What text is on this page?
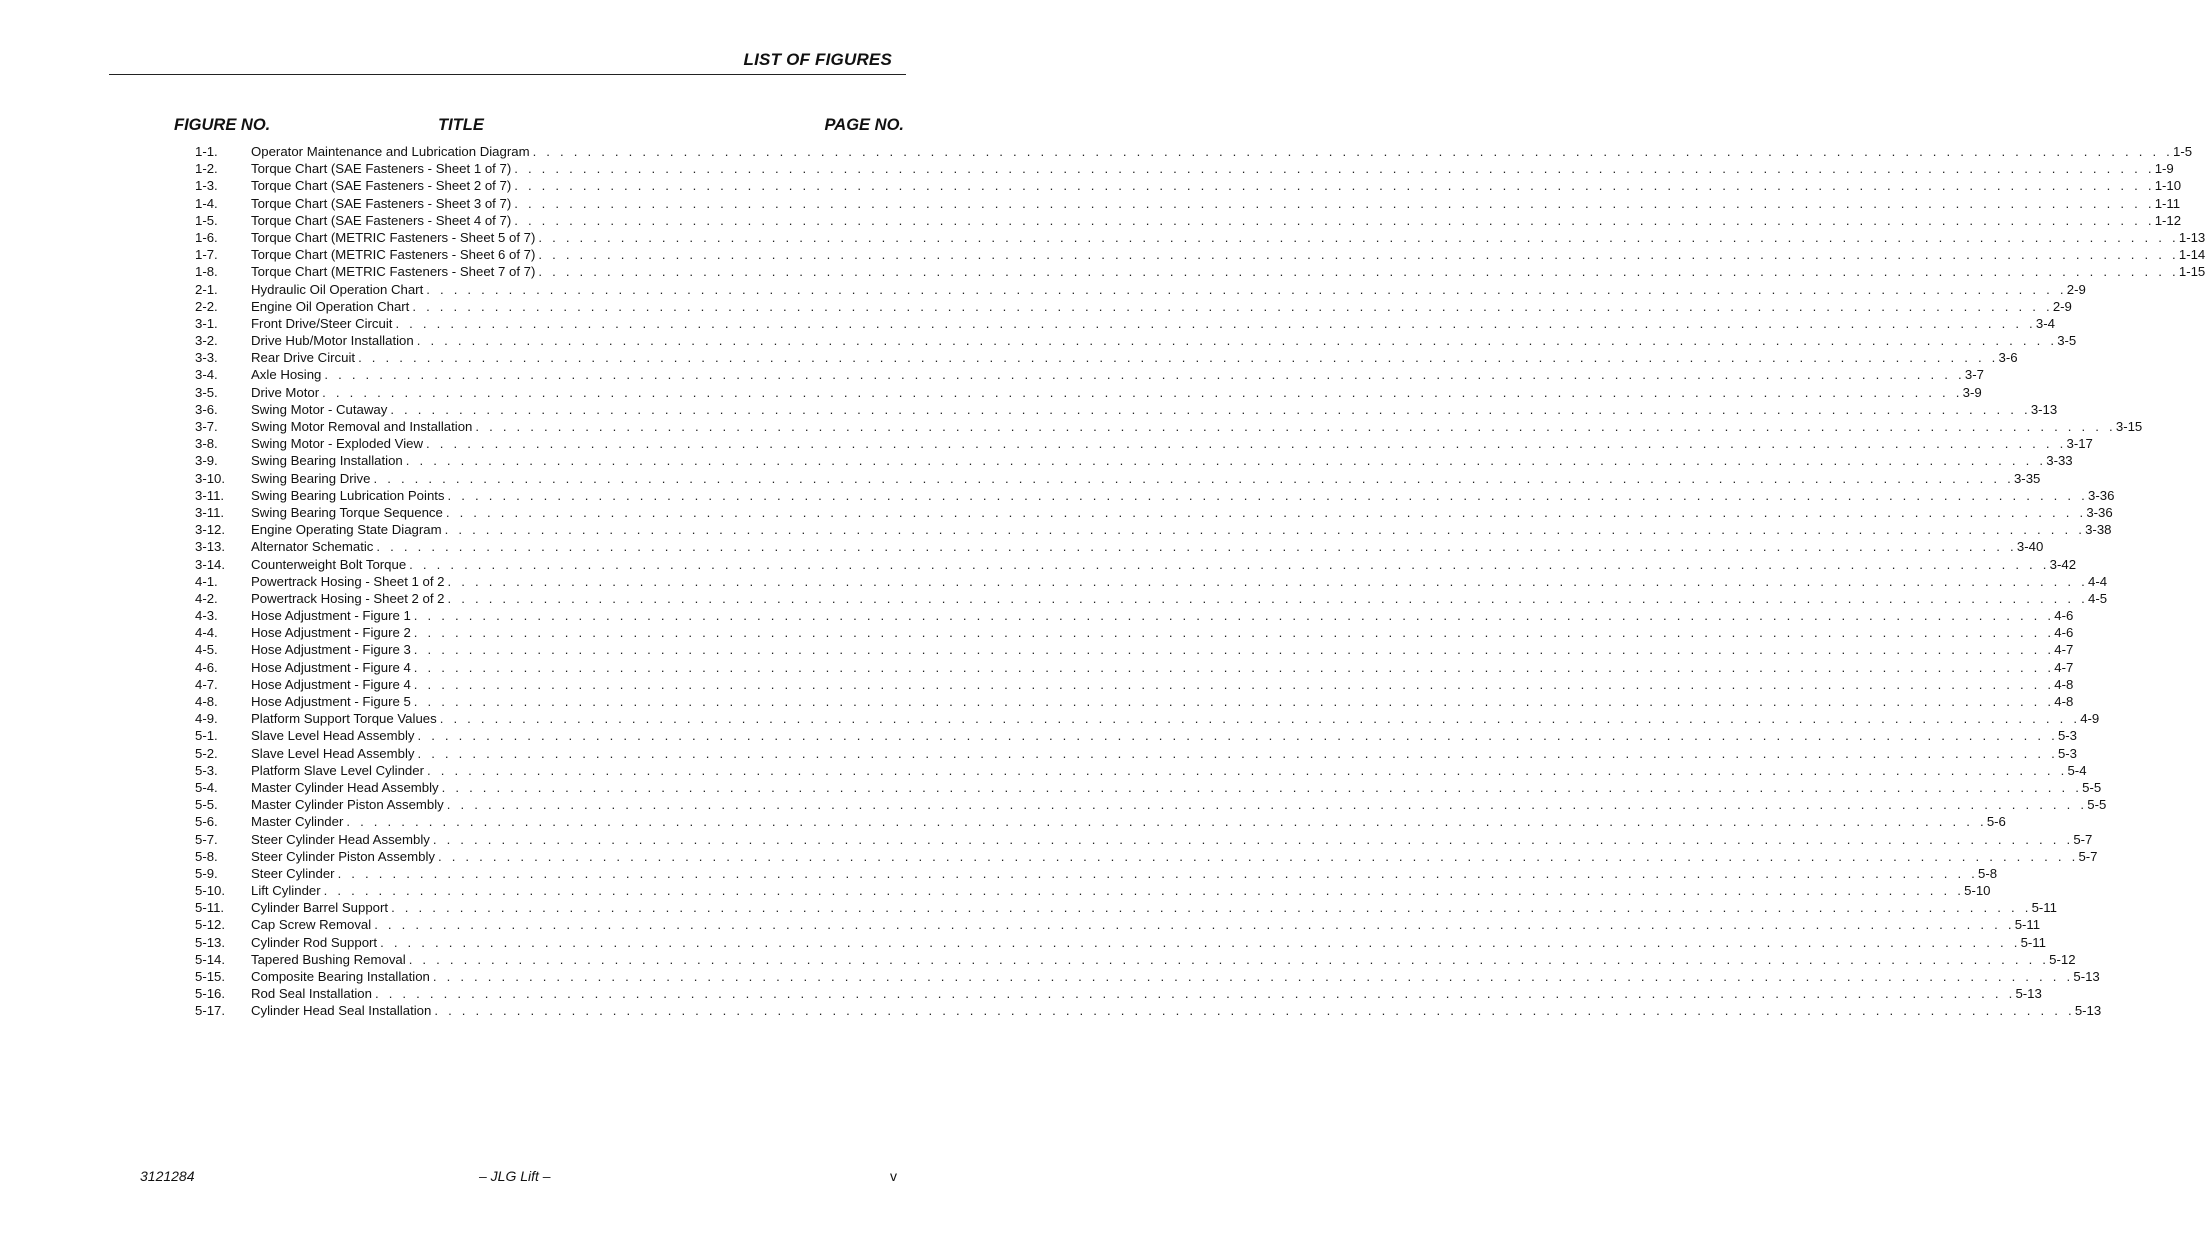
LIST OF FIGURES
FIGURE NO.	TITLE	PAGE NO.
1-1.	Operator Maintenance and Lubrication Diagram . . . . . . . . . . . . . . . . . . . . . . . . . . . . . . . . . . . . . . . . . . . . . . . . . . . . . . . . . . . . . . . . . . . . . . . . . . . . . . . . . . . . . . . . . . . . . . . . . . . . . . . . . . . . . . . . . . . . . . . . 1-5
1-2.	Torque Chart (SAE Fasteners - Sheet 1 of 7) . . . . . . . . . . . . . . . . . . . . . . . . . . . . . . . . . . . . . . . . . . . . . . . . . . . . . . . . . . . . . . . . . . . . . . . . . . . . . . . . . . . . . . . . . . . . . . . . . . . . . . . . . . . . . . . . . . . . . . . . 1-9
1-3.	Torque Chart (SAE Fasteners - Sheet 2 of 7) . . . . . . . . . . . . . . . . . . . . . . . . . . . . . . . . . . . . . . . . . . . . . . . . . . . . . . . . . . . . . . . . . . . . . . . . . . . . . . . . . . . . . . . . . . . . . . . . . . . . . . . . . . . . . . . . . . . . . . . . 1-10
1-4.	Torque Chart (SAE Fasteners - Sheet 3 of 7) . . . . . . . . . . . . . . . . . . . . . . . . . . . . . . . . . . . . . . . . . . . . . . . . . . . . . . . . . . . . . . . . . . . . . . . . . . . . . . . . . . . . . . . . . . . . . . . . . . . . . . . . . . . . . . . . . . . . . . . . 1-11
1-5.	Torque Chart (SAE Fasteners - Sheet 4 of 7) . . . . . . . . . . . . . . . . . . . . . . . . . . . . . . . . . . . . . . . . . . . . . . . . . . . . . . . . . . . . . . . . . . . . . . . . . . . . . . . . . . . . . . . . . . . . . . . . . . . . . . . . . . . . . . . . . . . . . . . . 1-12
1-6.	Torque Chart (METRIC Fasteners - Sheet 5 of 7) . . . . . . . . . . . . . . . . . . . . . . . . . . . . . . . . . . . . . . . . . . . . . . . . . . . . . . . . . . . . . . . . . . . . . . . . . . . . . . . . . . . . . . . . . . . . . . . . . . . . . . . . . . . . . . . . . . . . . . . . 1-13
1-7.	Torque Chart (METRIC Fasteners - Sheet 6 of 7) . . . . . . . . . . . . . . . . . . . . . . . . . . . . . . . . . . . . . . . . . . . . . . . . . . . . . . . . . . . . . . . . . . . . . . . . . . . . . . . . . . . . . . . . . . . . . . . . . . . . . . . . . . . . . . . . . . . . . . . . 1-14
1-8.	Torque Chart (METRIC Fasteners - Sheet 7 of 7) . . . . . . . . . . . . . . . . . . . . . . . . . . . . . . . . . . . . . . . . . . . . . . . . . . . . . . . . . . . . . . . . . . . . . . . . . . . . . . . . . . . . . . . . . . . . . . . . . . . . . . . . . . . . . . . . . . . . . . . . 1-15
2-1.	Hydraulic Oil Operation Chart . . . . . . . . . . . . . . . . . . . . . . . . . . . . . . . . . . . . . . . . . . . . . . . . . . . . . . . . . . . . . . . . . . . . . . . . . . . . . . . . . . . . . . . . . . . . . . . . . . . . . . . . . . . . . . . . . . . . . . . . 2-9
2-2.	Engine Oil Operation Chart . . . . . . . . . . . . . . . . . . . . . . . . . . . . . . . . . . . . . . . . . . . . . . . . . . . . . . . . . . . . . . . . . . . . . . . . . . . . . . . . . . . . . . . . . . . . . . . . . . . . . . . . . . . . . . . . . . . . . . . . 2-9
3-1.	Front Drive/Steer Circuit . . . . . . . . . . . . . . . . . . . . . . . . . . . . . . . . . . . . . . . . . . . . . . . . . . . . . . . . . . . . . . . . . . . . . . . . . . . . . . . . . . . . . . . . . . . . . . . . . . . . . . . . . . . . . . . . . . . . . . . . 3-4
3-2.	Drive Hub/Motor Installation . . . . . . . . . . . . . . . . . . . . . . . . . . . . . . . . . . . . . . . . . . . . . . . . . . . . . . . . . . . . . . . . . . . . . . . . . . . . . . . . . . . . . . . . . . . . . . . . . . . . . . . . . . . . . . . . . . . . . . . . 3-5
3-3.	Rear Drive Circuit . . . . . . . . . . . . . . . . . . . . . . . . . . . . . . . . . . . . . . . . . . . . . . . . . . . . . . . . . . . . . . . . . . . . . . . . . . . . . . . . . . . . . . . . . . . . . . . . . . . . . . . . . . . . . . . . . . . . . . . . 3-6
3-4.	Axle Hosing . . . . . . . . . . . . . . . . . . . . . . . . . . . . . . . . . . . . . . . . . . . . . . . . . . . . . . . . . . . . . . . . . . . . . . . . . . . . . . . . . . . . . . . . . . . . . . . . . . . . . . . . . . . . . . . . . . . . . . . . 3-7
3-5.	Drive Motor . . . . . . . . . . . . . . . . . . . . . . . . . . . . . . . . . . . . . . . . . . . . . . . . . . . . . . . . . . . . . . . . . . . . . . . . . . . . . . . . . . . . . . . . . . . . . . . . . . . . . . . . . . . . . . . . . . . . . . . . 3-9
3-6.	Swing Motor - Cutaway . . . . . . . . . . . . . . . . . . . . . . . . . . . . . . . . . . . . . . . . . . . . . . . . . . . . . . . . . . . . . . . . . . . . . . . . . . . . . . . . . . . . . . . . . . . . . . . . . . . . . . . . . . . . . . . . . . . . . . . . 3-13
3-7.	Swing Motor Removal and Installation . . . . . . . . . . . . . . . . . . . . . . . . . . . . . . . . . . . . . . . . . . . . . . . . . . . . . . . . . . . . . . . . . . . . . . . . . . . . . . . . . . . . . . . . . . . . . . . . . . . . . . . . . . . . . . . . . . . . . . . . 3-15
3-8.	Swing Motor - Exploded View . . . . . . . . . . . . . . . . . . . . . . . . . . . . . . . . . . . . . . . . . . . . . . . . . . . . . . . . . . . . . . . . . . . . . . . . . . . . . . . . . . . . . . . . . . . . . . . . . . . . . . . . . . . . . . . . . . . . . . . . 3-17
3-9.	Swing Bearing Installation . . . . . . . . . . . . . . . . . . . . . . . . . . . . . . . . . . . . . . . . . . . . . . . . . . . . . . . . . . . . . . . . . . . . . . . . . . . . . . . . . . . . . . . . . . . . . . . . . . . . . . . . . . . . . . . . . . . . . . . . 3-33
3-10.	Swing Bearing Drive . . . . . . . . . . . . . . . . . . . . . . . . . . . . . . . . . . . . . . . . . . . . . . . . . . . . . . . . . . . . . . . . . . . . . . . . . . . . . . . . . . . . . . . . . . . . . . . . . . . . . . . . . . . . . . . . . . . . . . . . 3-35
3-11.	Swing Bearing Lubrication Points . . . . . . . . . . . . . . . . . . . . . . . . . . . . . . . . . . . . . . . . . . . . . . . . . . . . . . . . . . . . . . . . . . . . . . . . . . . . . . . . . . . . . . . . . . . . . . . . . . . . . . . . . . . . . . . . . . . . . . . . 3-36
3-11.	Swing Bearing Torque Sequence . . . . . . . . . . . . . . . . . . . . . . . . . . . . . . . . . . . . . . . . . . . . . . . . . . . . . . . . . . . . . . . . . . . . . . . . . . . . . . . . . . . . . . . . . . . . . . . . . . . . . . . . . . . . . . . . . . . . . . . . 3-36
3-12.	Engine Operating State Diagram . . . . . . . . . . . . . . . . . . . . . . . . . . . . . . . . . . . . . . . . . . . . . . . . . . . . . . . . . . . . . . . . . . . . . . . . . . . . . . . . . . . . . . . . . . . . . . . . . . . . . . . . . . . . . . . . . . . . . . . . 3-38
3-13.	Alternator Schematic . . . . . . . . . . . . . . . . . . . . . . . . . . . . . . . . . . . . . . . . . . . . . . . . . . . . . . . . . . . . . . . . . . . . . . . . . . . . . . . . . . . . . . . . . . . . . . . . . . . . . . . . . . . . . . . . . . . . . . . . 3-40
3-14.	Counterweight Bolt Torque . . . . . . . . . . . . . . . . . . . . . . . . . . . . . . . . . . . . . . . . . . . . . . . . . . . . . . . . . . . . . . . . . . . . . . . . . . . . . . . . . . . . . . . . . . . . . . . . . . . . . . . . . . . . . . . . . . . . . . . . 3-42
4-1.	Powertrack Hosing - Sheet 1 of 2 . . . . . . . . . . . . . . . . . . . . . . . . . . . . . . . . . . . . . . . . . . . . . . . . . . . . . . . . . . . . . . . . . . . . . . . . . . . . . . . . . . . . . . . . . . . . . . . . . . . . . . . . . . . . . . . . . . . . . . . . 4-4
4-2.	Powertrack Hosing - Sheet 2 of 2 . . . . . . . . . . . . . . . . . . . . . . . . . . . . . . . . . . . . . . . . . . . . . . . . . . . . . . . . . . . . . . . . . . . . . . . . . . . . . . . . . . . . . . . . . . . . . . . . . . . . . . . . . . . . . . . . . . . . . . . . 4-5
4-3.	Hose Adjustment - Figure 1 . . . . . . . . . . . . . . . . . . . . . . . . . . . . . . . . . . . . . . . . . . . . . . . . . . . . . . . . . . . . . . . . . . . . . . . . . . . . . . . . . . . . . . . . . . . . . . . . . . . . . . . . . . . . . . . . . . . . . . . . 4-6
4-4.	Hose Adjustment - Figure 2 . . . . . . . . . . . . . . . . . . . . . . . . . . . . . . . . . . . . . . . . . . . . . . . . . . . . . . . . . . . . . . . . . . . . . . . . . . . . . . . . . . . . . . . . . . . . . . . . . . . . . . . . . . . . . . . . . . . . . . . . 4-6
4-5.	Hose Adjustment - Figure 3 . . . . . . . . . . . . . . . . . . . . . . . . . . . . . . . . . . . . . . . . . . . . . . . . . . . . . . . . . . . . . . . . . . . . . . . . . . . . . . . . . . . . . . . . . . . . . . . . . . . . . . . . . . . . . . . . . . . . . . . . 4-7
4-6.	Hose Adjustment - Figure 4 . . . . . . . . . . . . . . . . . . . . . . . . . . . . . . . . . . . . . . . . . . . . . . . . . . . . . . . . . . . . . . . . . . . . . . . . . . . . . . . . . . . . . . . . . . . . . . . . . . . . . . . . . . . . . . . . . . . . . . . . 4-7
4-7.	Hose Adjustment - Figure 4 . . . . . . . . . . . . . . . . . . . . . . . . . . . . . . . . . . . . . . . . . . . . . . . . . . . . . . . . . . . . . . . . . . . . . . . . . . . . . . . . . . . . . . . . . . . . . . . . . . . . . . . . . . . . . . . . . . . . . . . . 4-8
4-8.	Hose Adjustment - Figure 5 . . . . . . . . . . . . . . . . . . . . . . . . . . . . . . . . . . . . . . . . . . . . . . . . . . . . . . . . . . . . . . . . . . . . . . . . . . . . . . . . . . . . . . . . . . . . . . . . . . . . . . . . . . . . . . . . . . . . . . . . 4-8
4-9.	Platform Support Torque Values . . . . . . . . . . . . . . . . . . . . . . . . . . . . . . . . . . . . . . . . . . . . . . . . . . . . . . . . . . . . . . . . . . . . . . . . . . . . . . . . . . . . . . . . . . . . . . . . . . . . . . . . . . . . . . . . . . . . . . . . 4-9
5-1.	Slave Level Head Assembly . . . . . . . . . . . . . . . . . . . . . . . . . . . . . . . . . . . . . . . . . . . . . . . . . . . . . . . . . . . . . . . . . . . . . . . . . . . . . . . . . . . . . . . . . . . . . . . . . . . . . . . . . . . . . . . . . . . . . . . . 5-3
5-2.	Slave Level Head Assembly . . . . . . . . . . . . . . . . . . . . . . . . . . . . . . . . . . . . . . . . . . . . . . . . . . . . . . . . . . . . . . . . . . . . . . . . . . . . . . . . . . . . . . . . . . . . . . . . . . . . . . . . . . . . . . . . . . . . . . . . 5-3
5-3.	Platform Slave Level Cylinder . . . . . . . . . . . . . . . . . . . . . . . . . . . . . . . . . . . . . . . . . . . . . . . . . . . . . . . . . . . . . . . . . . . . . . . . . . . . . . . . . . . . . . . . . . . . . . . . . . . . . . . . . . . . . . . . . . . . . . . . 5-4
5-4.	Master Cylinder Head Assembly . . . . . . . . . . . . . . . . . . . . . . . . . . . . . . . . . . . . . . . . . . . . . . . . . . . . . . . . . . . . . . . . . . . . . . . . . . . . . . . . . . . . . . . . . . . . . . . . . . . . . . . . . . . . . . . . . . . . . . . . 5-5
5-5.	Master Cylinder Piston Assembly . . . . . . . . . . . . . . . . . . . . . . . . . . . . . . . . . . . . . . . . . . . . . . . . . . . . . . . . . . . . . . . . . . . . . . . . . . . . . . . . . . . . . . . . . . . . . . . . . . . . . . . . . . . . . . . . . . . . . . . . 5-5
5-6.	Master Cylinder . . . . . . . . . . . . . . . . . . . . . . . . . . . . . . . . . . . . . . . . . . . . . . . . . . . . . . . . . . . . . . . . . . . . . . . . . . . . . . . . . . . . . . . . . . . . . . . . . . . . . . . . . . . . . . . . . . . . . . . . 5-6
5-7.	Steer Cylinder Head Assembly . . . . . . . . . . . . . . . . . . . . . . . . . . . . . . . . . . . . . . . . . . . . . . . . . . . . . . . . . . . . . . . . . . . . . . . . . . . . . . . . . . . . . . . . . . . . . . . . . . . . . . . . . . . . . . . . . . . . . . . . 5-7
5-8.	Steer Cylinder Piston Assembly . . . . . . . . . . . . . . . . . . . . . . . . . . . . . . . . . . . . . . . . . . . . . . . . . . . . . . . . . . . . . . . . . . . . . . . . . . . . . . . . . . . . . . . . . . . . . . . . . . . . . . . . . . . . . . . . . . . . . . . . 5-7
5-9.	Steer Cylinder . . . . . . . . . . . . . . . . . . . . . . . . . . . . . . . . . . . . . . . . . . . . . . . . . . . . . . . . . . . . . . . . . . . . . . . . . . . . . . . . . . . . . . . . . . . . . . . . . . . . . . . . . . . . . . . . . . . . . . . . 5-8
5-10.	Lift Cylinder . . . . . . . . . . . . . . . . . . . . . . . . . . . . . . . . . . . . . . . . . . . . . . . . . . . . . . . . . . . . . . . . . . . . . . . . . . . . . . . . . . . . . . . . . . . . . . . . . . . . . . . . . . . . . . . . . . . . . . . . 5-10
5-11.	Cylinder Barrel Support . . . . . . . . . . . . . . . . . . . . . . . . . . . . . . . . . . . . . . . . . . . . . . . . . . . . . . . . . . . . . . . . . . . . . . . . . . . . . . . . . . . . . . . . . . . . . . . . . . . . . . . . . . . . . . . . . . . . . . . . 5-11
5-12.	Cap Screw Removal . . . . . . . . . . . . . . . . . . . . . . . . . . . . . . . . . . . . . . . . . . . . . . . . . . . . . . . . . . . . . . . . . . . . . . . . . . . . . . . . . . . . . . . . . . . . . . . . . . . . . . . . . . . . . . . . . . . . . . . . 5-11
5-13.	Cylinder Rod Support . . . . . . . . . . . . . . . . . . . . . . . . . . . . . . . . . . . . . . . . . . . . . . . . . . . . . . . . . . . . . . . . . . . . . . . . . . . . . . . . . . . . . . . . . . . . . . . . . . . . . . . . . . . . . . . . . . . . . . . . 5-11
5-14.	Tapered Bushing Removal . . . . . . . . . . . . . . . . . . . . . . . . . . . . . . . . . . . . . . . . . . . . . . . . . . . . . . . . . . . . . . . . . . . . . . . . . . . . . . . . . . . . . . . . . . . . . . . . . . . . . . . . . . . . . . . . . . . . . . . . 5-12
5-15.	Composite Bearing Installation . . . . . . . . . . . . . . . . . . . . . . . . . . . . . . . . . . . . . . . . . . . . . . . . . . . . . . . . . . . . . . . . . . . . . . . . . . . . . . . . . . . . . . . . . . . . . . . . . . . . . . . . . . . . . . . . . . . . . . . . 5-13
5-16.	Rod Seal Installation . . . . . . . . . . . . . . . . . . . . . . . . . . . . . . . . . . . . . . . . . . . . . . . . . . . . . . . . . . . . . . . . . . . . . . . . . . . . . . . . . . . . . . . . . . . . . . . . . . . . . . . . . . . . . . . . . . . . . . . . 5-13
5-17.	Cylinder Head Seal Installation . . . . . . . . . . . . . . . . . . . . . . . . . . . . . . . . . . . . . . . . . . . . . . . . . . . . . . . . . . . . . . . . . . . . . . . . . . . . . . . . . . . . . . . . . . . . . . . . . . . . . . . . . . . . . . . . . . . . . . . . 5-13
3121284	– JLG Lift –	v
